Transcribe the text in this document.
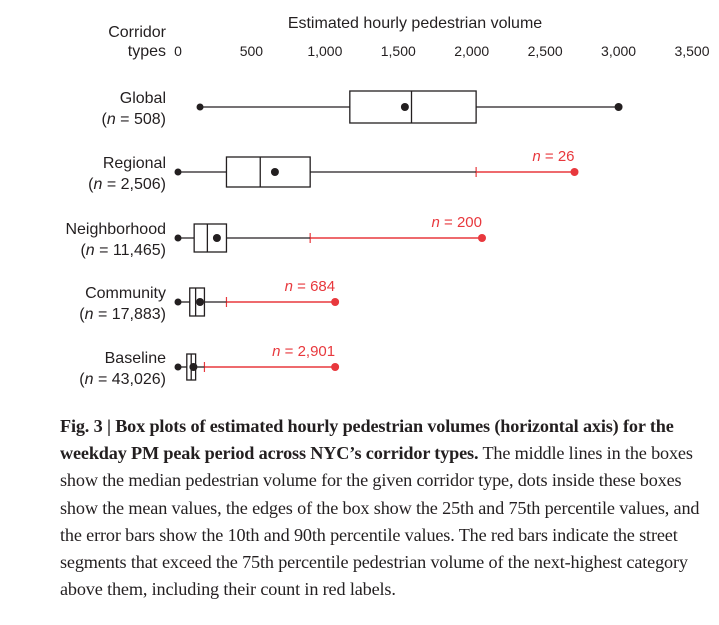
Estimated hourly pedestrian volume
Corridor
types 0	500	1,000	1,500	2,000	2,500	3,000	3,500
Global
(n = 508)
Regional
(n = 2,506)
n = 26
Neighborhood
(n = 11,465)
n = 200
Community
(n = 17,883)
n = 684
Baseline
(n = 43,026)
n = 2,901
Fig. 3 | Box plots of estimated hourly pedestrian volumes (horizontal axis) for the weekday PM peak period across NYC’s corridor types. The middle lines in the boxes show the median pedestrian volume for the given corridor type, dots inside these boxes show the mean values, the edges of the box show the 25th and 75th percentile values, and the error bars show the 10th and 90th percentile values. The red bars indicate the street segments that exceed the 75th percentile pedestrian volume of the next-highest category above them, including their count in red labels.
